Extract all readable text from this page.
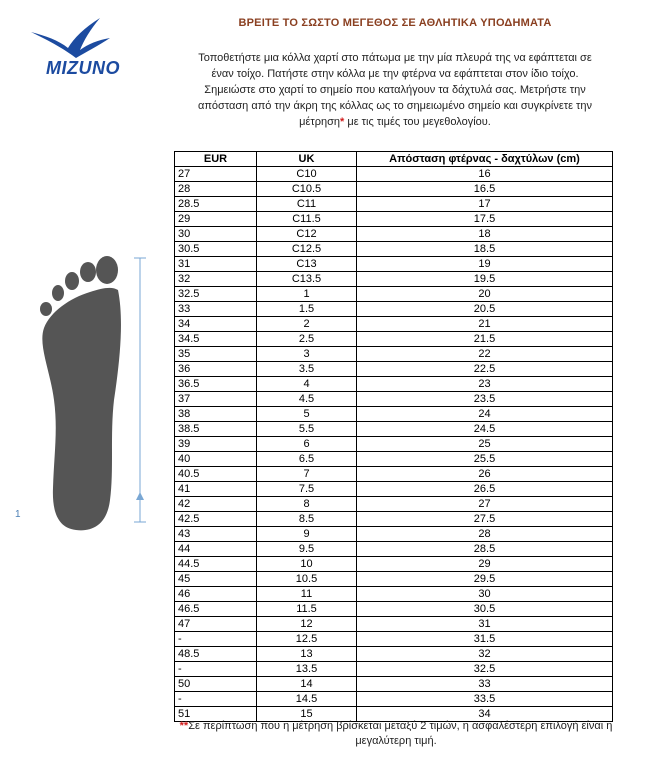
MIZUNO
ΒΡΕΙΤΕ ΤΟ ΣΩΣΤΟ ΜΕΓΕΘΟΣ ΣΕ ΑΘΛΗΤΙΚΑ ΥΠΟΔΗΜΑΤΑ
Τοποθετήστε μια κόλλα χαρτί στο πάτωμα με την μία πλευρά της να εφάπτεται σε έναν τοίχο. Πατήστε στην κόλλα με την φτέρνα να εφάπτεται στον ίδιο τοίχο. Σημειώστε στο χαρτί το σημείο που καταλήγουν τα δάχτυλά σας. Μετρήστε την απόσταση από την άκρη της κόλλας ως το σημειωμένο σημείο και συγκρίνετε την μέτρηση* με τις τιμές του μεγεθολογίου.
1
EUR	UK	Απόσταση φτέρνας - δαχτύλων (cm)
27	C10	16
28	C10.5	16.5
28.5	C11	17
29	C11.5	17.5
30	C12	18
30.5	C12.5	18.5
31	C13	19
32	C13.5	19.5
32.5	1	20
33	1.5	20.5
34	2	21
34.5	2.5	21.5
35	3	22
36	3.5	22.5
36.5	4	23
37	4.5	23.5
38	5	24
38.5	5.5	24.5
39	6	25
40	6.5	25.5
40.5	7	26
41	7.5	26.5
42	8	27
42.5	8.5	27.5
43	9	28
44	9.5	28.5
44.5	10	29
45	10.5	29.5
46	11	30
46.5	11.5	30.5
47	12	31
-	12.5	31.5
48.5	13	32
-	13.5	32.5
50	14	33
-	14.5	33.5
51	15	34
**Σε περίπτωση που η μέτρηση βρίσκεται μεταξύ 2 τιμών, η ασφαλέστερη επιλογή είναι η μεγαλύτερη τιμή.
